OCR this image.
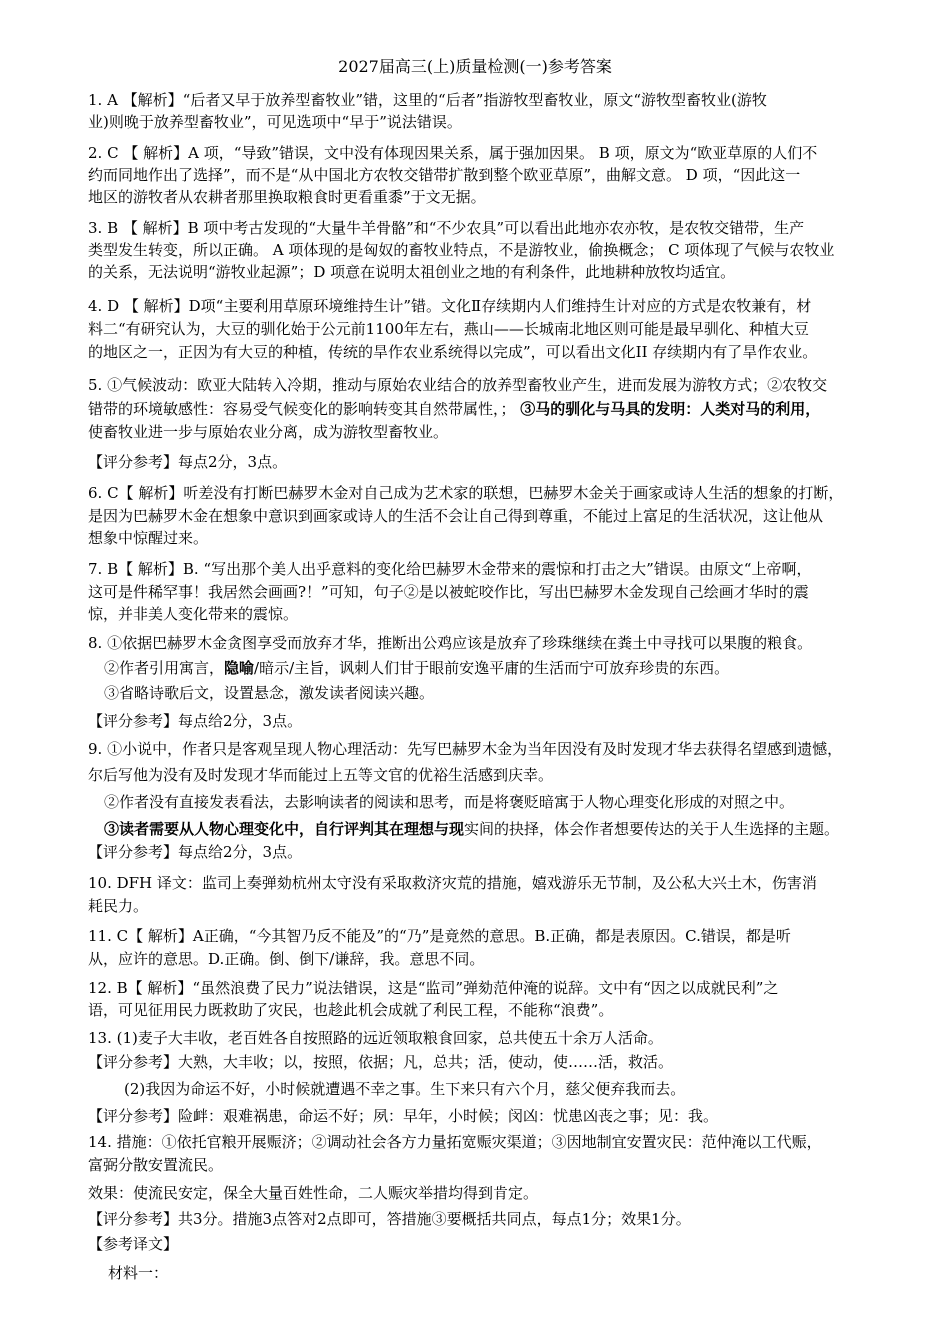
2027届高三(上)质量检测(一)参考答案
1. A 【解析】“后者又早于放养型畜牧业”错，这里的“后者”指游牧型畜牧业，原文“游牧型畜牧业(游牧
业)则晚于放养型畜牧业”，可见选项中“早于”说法错误。
2. C 【 解析】A 项，“导致”错误，文中没有体现因果关系，属于强加因果。 B 项，原文为“欧亚草原的人们不
约而同地作出了选择”，而不是“从中国北方农牧交错带扩散到整个欧亚草原”，曲解文意。 D 项，“因此这一
地区的游牧者从农耕者那里换取粮食时更看重黍”于文无据。
3. B 【 解析】B 项中考古发现的“大量牛羊骨骼”和“不少农具”可以看出此地亦农亦牧，是农牧交错带，生产
类型发生转变，所以正确。 A 项体现的是匈奴的畜牧业特点，不是游牧业，偷换概念； C 项体现了气候与农牧业
的关系，无法说明“游牧业起源”；D 项意在说明太祖创业之地的有利条件，此地耕种放牧均适宜。
4. D 【 解析】D项“主要利用草原环境维持生计”错。文化Ⅱ存续期内人们维持生计对应的方式是农牧兼有，材
料二“有研究认为，大豆的驯化始于公元前1100年左右，燕山——长城南北地区则可能是最早驯化、种植大豆
的地区之一，正因为有大豆的种植，传统的旱作农业系统得以完成”，可以看出文化II 存续期内有了旱作农业。
5. ①气候波动：欧亚大陆转入冷期，推动与原始农业结合的放养型畜牧业产生，进而发展为游牧方式；②农牧交
错带的环境敏感性：容易受气候变化的影响转变其自然带属性，； ③马的驯化与马具的发明：人类对马的利用，
使畜牧业进一步与原始农业分离，成为游牧型畜牧业。
【评分参考】每点2分，3点。
6. C【 解析】听差没有打断巴赫罗木金对自己成为艺术家的联想，巴赫罗木金关于画家或诗人生活的想象的打断，
是因为巴赫罗木金在想象中意识到画家或诗人的生活不会让自己得到尊重，不能过上富足的生活状况，这让他从
想象中惊醒过来。
7. B【 解析】B. “写出那个美人出乎意料的变化给巴赫罗木金带来的震惊和打击之大”错误。由原文“上帝啊，
这可是件稀罕事！我居然会画画?！”可知，句子②是以被蛇咬作比，写出巴赫罗木金发现自己绘画才华时的震
惊，并非美人变化带来的震惊。
8. ①依据巴赫罗木金贪图享受而放弃才华，推断出公鸡应该是放弃了珍珠继续在粪土中寻找可以果腹的粮食。
②作者引用寓言，隐喻/暗示/主旨，讽刺人们甘于眼前安逸平庸的生活而宁可放弃珍贵的东西。
③省略诗歌后文，设置悬念，激发读者阅读兴趣。
【评分参考】每点给2分，3点。
9. ①小说中，作者只是客观呈现人物心理活动：先写巴赫罗木金为当年因没有及时发现才华去获得名望感到遗憾，
尔后写他为没有及时发现才华而能过上五等文官的优裕生活感到庆幸。
②作者没有直接发表看法，去影响读者的阅读和思考，而是将褒贬暗寓于人物心理变化形成的对照之中。
③读者需要从人物心理变化中，自行评判其在理想与现实间的抉择，体会作者想要传达的关于人生选择的主题。
【评分参考】每点给2分，3点。
10. DFH 译文：监司上奏弹劾杭州太守没有采取救济灾荒的措施，嬉戏游乐无节制，及公私大兴土木，伤害消
耗民力。
11. C【 解析】A正确，“今其智乃反不能及”的“乃”是竟然的意思。B.正确，都是表原因。C.错误，都是听
从，应许的意思。D.正确。倒、倒下/谦辞，我。意思不同。
12. B【 解析】“虽然浪费了民力”说法错误，这是“监司”弹劾范仲淹的说辞。文中有“因之以成就民利”之
语，可见征用民力既救助了灾民，也趁此机会成就了利民工程，不能称“浪费”。
13. (1)麦子大丰收，老百姓各自按照路的远近领取粮食回家，总共使五十余万人活命。
【评分参考】大熟，大丰收；以，按照，依据；凡，总共；活，使动，使……活，救活。
(2)我因为命运不好，小时候就遭遇不幸之事。生下来只有六个月，慈父便弃我而去。
【评分参考】险衅：艰难祸患，命运不好；夙：早年，小时候；闵凶：忧患凶丧之事；见：我。
14. 措施：①依托官粮开展赈济；②调动社会各方力量拓宽赈灾渠道；③因地制宜安置灾民：范仲淹以工代赈，
富弼分散安置流民。
效果：使流民安定，保全大量百姓性命，二人赈灾举措均得到肯定。
【评分参考】共3分。措施3点答对2点即可，答措施③要概括共同点，每点1分；效果1分。
【参考译文】
材料一：
